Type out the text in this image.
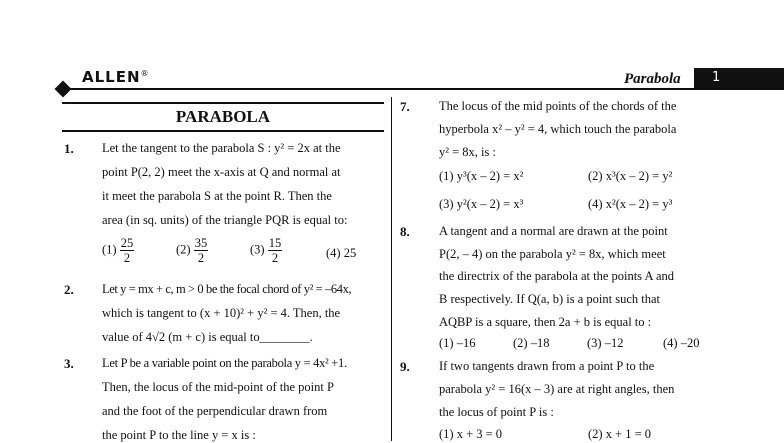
ALLEN®	Parabola 1
PARABOLA
1. Let the tangent to the parabola S : y² = 2x at the
point P(2, 2) meet the x-axis at Q and normal at
it meet the parabola S at the point R. Then the
area (in sq. units) of the triangle PQR is equal to:
$(1) \frac{25}{2}$	$(2) \frac{35}{2}$	$(3) \frac{15}{2}$	(4) 25
2. Let y = mx + c, m > 0 be the focal chord of y² = –64x,
which is tangent to (x + 10)² + y² = 4. Then, the
value of 4√2 (m + c) is equal to________.
3. Let P be a variable point on the parabola y = 4x² +1.
Then, the locus of the mid-point of the point P
and the foot of the perpendicular drawn from
the point P to the line y = x is :
7. The locus of the mid points of the chords of the
hyperbola x² – y² = 4, which touch the parabola
y² = 8x, is :
(1) y³(x – 2) = x²	(2) x³(x – 2) = y²
(3) y²(x – 2) = x³	(4) x²(x – 2) = y³
8. A tangent and a normal are drawn at the point
P(2, – 4) on the parabola y² = 8x, which meet
the directrix of the parabola at the points A and
B respectively. If Q(a, b) is a point such that
AQBP is a square, then 2a + b is equal to :
(1) –16	(2) –18	(3) –12	(4) –20
9. If two tangents drawn from a point P to the
parabola y² = 16(x – 3) are at right angles, then
the locus of point P is :
(1) x + 3 = 0	(2) x + 1 = 0
